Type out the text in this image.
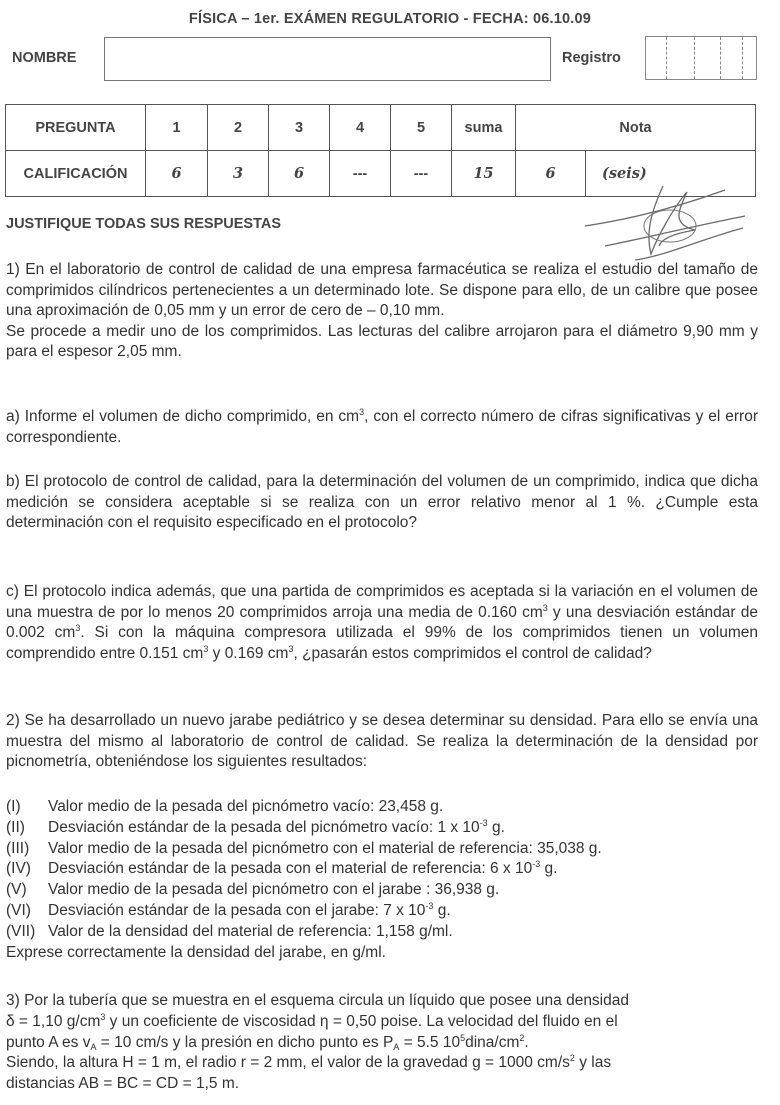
FÍSICA – 1er. EXÁMEN REGULATORIO - FECHA: 06.10.09
NOMBRE	Registro
PREGUNTA	1	2	3	4	5	suma	Nota	
CALIFICACIÓN	6	3	6	---	---	15	6	(seis)
JUSTIFIQUE TODAS SUS RESPUESTAS

1) En el laboratorio de control de calidad de una empresa farmacéutica se realiza el estudio del tamaño de comprimidos cilíndricos pertenecientes a un determinado lote. Se dispone para ello, de un calibre que posee una aproximación de 0,05 mm y un error de cero de – 0,10 mm.

Se procede a medir uno de los comprimidos. Las lecturas del calibre arrojaron para el diámetro 9,90 mm y para el espesor 2,05 mm.

a) Informe el volumen de dicho comprimido, en $cm^3$, con el correcto número de cifras significativas y el error correspondiente.
b) El protocolo de control de calidad, para la determinación del volumen de un comprimido, indica que dicha medición se considera aceptable si se realiza con un error relativo menor al 1 %. ¿Cumple esta determinación con el requisito especificado en el protocolo?
c) El protocolo indica además, que una partida de comprimidos es aceptada si la variación en el volumen de una muestra de por lo menos 20 comprimidos arroja una media de 0.160 $cm^3$ y una desviación estándar de 0.002 $cm^3$. Si con la máquina compresora utilizada el 99% de los comprimidos tienen un volumen comprendido entre 0.151 $cm^3$ y 0.169 $cm^3$, ¿pasarán estos comprimidos el control de calidad?
2) Se ha desarrollado un nuevo jarabe pediátrico y se desea determinar su densidad. Para ello se envía una muestra del mismo al laboratorio de control de calidad. Se realiza la determinación de la densidad por picnometría, obteniéndose los siguientes resultados:
(I) Valor medio de la pesada del picnómetro vacío: 23,458 g.
(II) Desviación estándar de la pesada del picnómetro vacío: 1 x $10^{-3}$ g.
(III) Valor medio de la pesada del picnómetro con el material de referencia: 35,038 g.
(IV) Desviación estándar de la pesada con el material de referencia: 6 x $10^{-3}$ g.
(V) Valor medio de la pesada del picnómetro con el jarabe : 36,938 g.
(VI) Desviación estándar de la pesada con el jarabe: 7 x $10^{-3}$ g.
(VII) Valor de la densidad del material de referencia: 1,158 g/ml.
Exprese correctamente la densidad del jarabe, en g/ml.
3) Por la tubería que se muestra en el esquema circula un líquido que posee una densidad
δ = 1,10 $g/cm^3$ y un coeficiente de viscosidad η = 0,50 poise. La velocidad del fluido en el
punto A es $v_A = 10$ cm/s y la presión en dicho punto es $P_A = 5.5$ $10^5dina/cm^2$.
Siendo, la altura H = 1 m, el radio r = 2 mm, el valor de la gravedad g = 1000 $cm/s^2$ y las
distancias AB = BC = CD = 1,5 m.
